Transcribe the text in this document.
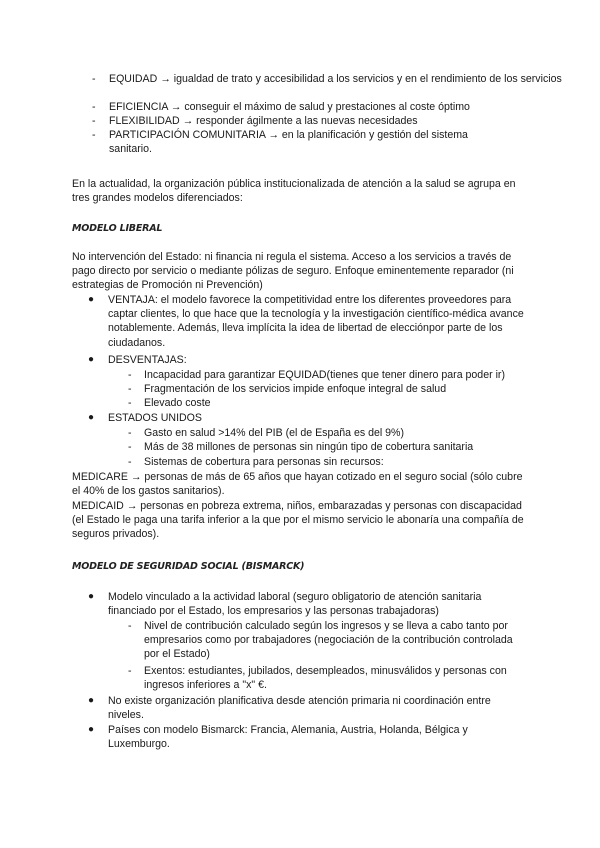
- EQUIDAD → igualdad de trato y accesibilidad a los servicios y en el rendimiento de los servicios
- EFICIENCIA → conseguir el máximo de salud y prestaciones al coste óptimo
- FLEXIBILIDAD → responder ágilmente a las nuevas necesidades
- PARTICIPACIÓN COMUNITARIA → en la planificación y gestión del sistema sanitario.

En la actualidad, la organización pública institucionalizada de atención a la salud se agrupa en tres grandes modelos diferenciados:

MODELO LIBERAL

No intervención del Estado: ni financia ni regula el sistema. Acceso a los servicios a través de pago directo por servicio o mediante pólizas de seguro. Enfoque eminentemente reparador (ni estrategias de Promoción ni Prevención)

● VENTAJA: el modelo favorece la competitividad entre los diferentes proveedores para captar clientes, lo que hace que la tecnología y la investigación científico-médica avance notablemente. Además, lleva implícita la idea de libertad de elecciónpor parte de los ciudadanos.
● DESVENTAJAS:
- Incapacidad para garantizar EQUIDAD(tienes que tener dinero para poder ir)
- Fragmentación de los servicios impide enfoque integral de salud
- Elevado coste
● ESTADOS UNIDOS
- Gasto en salud >14% del PIB (el de España es del 9%)
- Más de 38 millones de personas sin ningún tipo de cobertura sanitaria
- Sistemas de cobertura para personas sin recursos:

MEDICARE → personas de más de 65 años que hayan cotizado en el seguro social (sólo cubre el 40% de los gastos sanitarios).

MEDICAID → personas en pobreza extrema, niños, embarazadas y personas con discapacidad (el Estado le paga una tarifa inferior a la que por el mismo servicio le abonaría una compañía de seguros privados).

MODELO DE SEGURIDAD SOCIAL (BISMARCK)
● Modelo vinculado a la actividad laboral (seguro obligatorio de atención sanitaria financiado por el Estado, los empresarios y las personas trabajadoras)
- Nivel de contribución calculado según los ingresos y se lleva a cabo tanto por empresarios como por trabajadores (negociación de la contribución controlada por el Estado)
- Exentos: estudiantes, jubilados, desempleados, minusválidos y personas con ingresos inferiores a "x" €.
● No existe organización planificativa desde atención primaria ni coordinación entre niveles.
● Países con modelo Bismarck: Francia, Alemania, Austria, Holanda, Bélgica y Luxemburgo.
